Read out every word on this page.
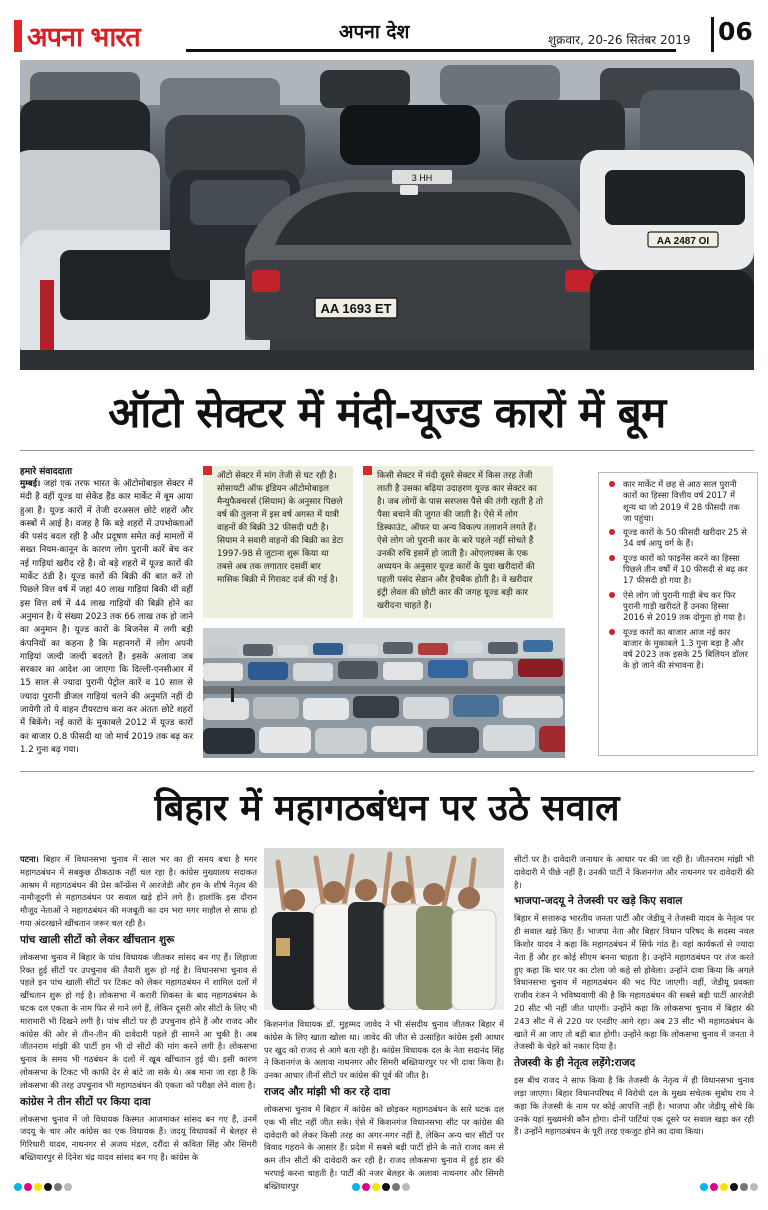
अपना भारत	अपना देश	शुक्रवार, 20-26 सितंबर 2019 06
AA 1693 ET
AA 2487 OI
3 HH
ऑटो सेक्टर में मंदी-यूज्ड कारों में बूम
हमारे संवाददाता
मुम्बई। जहां एक तरफ भारत के ऑटोमोबाइल सेक्टर में मंदी है वहीं यूज्ड या सेकेंड हैंड कार मार्केट में बूम आया हुआ है। यूज्ड कारों में तेजी दरअसल छोटे शहरों और कस्बों में आई है। वजह है कि बड़े शहरों में उपभोक्ताओं की पसंद बदल रही है और प्रदूषण समेत कई मामलों में सख्त नियम-कानून के कारण लोग पुरानी कारें बेच कर नई गाड़ियां खरीद रहे हैं। वो बड़े शहरों में यूज्ड कारों की मार्केट ठंडी है। यूज्ड कारों की बिक्री की बात करें तो पिछले वित्त वर्ष में जहां 40 लाख गाड़ियां बिकी थीं वहीं इस वित्त वर्ष में 44 लाख गाड़ियों की बिक्री होने का अनुमान है। ये संख्या 2023 तक 66 लाख तक हो जाने का अनुमान है। यूज्ड कारों के बिजनेस में लगी बड़ी कंपनियों का कहना है कि महानगरों में लोग अपनी गाड़ियां जल्दी जल्दी बदलते हैं। इसके अलावा जब सरकार का आदेश आ जाएगा कि दिल्ली-एनसीआर में 15 साल से ज्यादा पुरानी पेट्रोल कारें व 10 साल से ज्यादा पुरानी डीजल गाड़ियां चलने की अनुमति नहीं दी जायेगी तो ये वाहन टीयरटाच करा कर अंततः छोटे शहरों में बिकेंगे। नई कारों के मुकाबले 2012 में यूज्ड कारों का बाजार 0.8 फीसदी था जो मार्च 2019 तक बढ़ कर 1.2 गुना बढ़ गया।
ऑटो सेक्टर में मांग तेजी से घट रही है। सोसायटी ऑफ इंडियन ऑटोमोबाइल मैन्युफैक्चरर्स (सियाम) के अनुसार पिछले वर्ष की तुलना में इस वर्ष अगस्त में यात्री वाहनों की बिक्री 32 फीसदी घटी है। सियाम ने सवारी वाहनों की बिक्री का डेटा 1997-98 से जुटाना शुरू किया था तबसे अब तक लगातार दसवीं बार मासिक बिक्री में गिरावट दर्ज की गई है।
किसी सेक्टर में मंदी दूसरे सेक्टर में किस तरह तेजी लाती है उसका बढ़िया उदाहरण यूज्ड कार सेक्टर का है। जब लोगों के पास सरप्लस पैसे की तंगी रहती है तो पैसा बचाने की जुगत की जाती है। ऐसे में लोग डिस्काउंट, ऑफर या अन्य विकल्प तलाशने लगते हैं। ऐसे लोग जो पुरानी कार के बारे पहले नहीं सोचते हैं उनकी रुचि इसमें हो जाती है। ओएलएक्स के एक अध्ययन के अनुसार यूज्ड कारों के युवा खरीदारों की पहली पसंद सेडान और हैचबैक होती है। वे खरीदार इंट्री लेवल की छोटी कार की जगह यूज्ड बड़ी कार खरीदना चाहते हैं।
कार मार्केट में छह से आठ साल पुरानी कारों का हिस्सा वित्तीय वर्ष 2017 में शून्य था जो 2019 में 28 फीसदी तक जा पहुंचा।
यूज्ड कारों के 50 फीसदी खरीदार 25 से 34 वर्ष आयु वर्ग के हैं।
यूज्ड कारों को फाइनेंस करने का हिस्सा पिछले तीन वर्षों में 10 फीसदी से बढ़ कर 17 फीसदी हो गया है।
ऐसे लोग जो पुरानी गाड़ी बेच कर फिर पुरानी गाड़ी खरीदते हैं उनका हिस्सा 2016 से 2019 तक दोगुना हो गया है।
यूज्ड कारों का बाजार आज नई कार बाजार के मुकाबले 1.3 गुना बड़ा है और वर्ष 2023 तक इसके 25 बिलियन डॉलर के हो जाने की संभावना है।
बिहार में महागठबंधन पर उठे सवाल

पटना। बिहार में विधानसभा चुनाव में साल भर का ही समय बचा है मगर महागठबंधन में सबकुछ ठीकठाक नहीं चल रहा है। कांग्रेस मुख्यालय सदाकत आश्रम में महागठबंधन की प्रेस कॉन्फ्रेंस में आरजेडी और हम के शीर्ष नेतृत्व की नामौजूदगी से महागठबंधन पर सवाल खड़े होने लगे हैं। हालांकि इस दौरान मौजूद नेताओं ने महागठबंधन की मजबूती का दम भरा मगर माहौल से साफ हो गया अंदरखाने खींचतान जरूर चल रही है।

पांच खाली सीटों को लेकर खींचतान शुरू

लोकसभा चुनाव में बिहार के पांच विधायक जीतकर सांसद बन गए हैं। लिहाजा रिक्त हुई सीटों पर उपचुनाव की तैयारी शुरू हो गई है। विधानसभा चुनाव से पहले इन पांच खाली सीटों पर टिकट को लेकर महागठबंधन में शामिल दलों में खींचतान शुरू हो गई है। लोकसभा में करारी शिकस्त के बाद महागठबंधन के घटक दल एकता के नाम फिर से गाने लगे हैं, लेकिन दूसरी ओर सीटों के लिए भी मारामारी भी दिखने लगी है। पांच सीटों पर ही उपचुनाव होने हैं और राजद और कांग्रेस की ओर से तीन-तीन की दावेदारी पहले ही सामने आ चुकी है। अब जीतनराम मांझी की पार्टी हम भी दो सीटों की मांग करने लगी है। लोकसभा चुनाव के समय भी गठबंधन के दलों में खूब खींचतान हुई थी। इसी कारण लोकसभा के टिकट भी काफी देर से बांटे जा सके थे। अब माना जा रहा है कि लोकसभा की तरह उपचुनाव भी महागठबंधन की एकता को परीक्षा लेने वाला है।

कांग्रेस ने तीन सीटों पर किया दावा

लोकसभा चुनाव में जो विधायक किस्मत आजमाकर सांसद बन गए हैं, उनमें जदयू के चार और कांग्रेस का एक विधायक हैं। जदयू विधायकों में बेलहर से गिरिधारी यादव, नाथनगर से अजय मंडल, दरौंदा से कविता सिंह और सिमरी बख्तियारपुर से दिनेश चंद्र यादव सांसद बन गए हैं। कांग्रेस के

किशनगंज विधायक डॉ. मुहम्मद जावेद ने भी संसदीय चुनाव जीतकर बिहार में कांग्रेस के लिए खाता खोला था। जावेद की जीत से उत्साहित कांग्रेस इसी आधार पर खुद को राजद से आगे बता रही है। कांग्रेस विधायक दल के नेता सदानंद सिंह ने किशनगंज के अलावा नाथनगर और सिमरी बख्तियारपुर पर भी दावा किया है। उनका आधार तीनों सीटों पर कांग्रेस की पूर्व की जीत है।

राजद और मांझी भी कर रहे दावा

लोकसभा चुनाव में बिहार में कांग्रेस को छोड़कर महागठबंधन के सारे घटक दल एक भी सीट नहीं जीत सके। ऐसे में किशनगंज विधानसभा सीट पर कांग्रेस की दावेदारी को लेकर किसी तरह का अगर-मगर नहीं है, लेकिन अन्य चार सीटों पर विवाद गहराने के आसार हैं। प्रदेश में सबसे बड़ी पार्टी होने के नाते राजद कम से कम तीन सीटों की दावेदारी कर रही है। राजद लोकसभा चुनाव में हुई हार की भरपाई करना चाहती है। पार्टी की नजर बेलहर के अलावा नाथनगर और सिमरी बख्तियारपुर

सीटों पर है। दावेदारी जनाधार के आधार पर की जा रही है। जीतनराम मांझी भी दावेदारी में पीछे नहीं हैं। उनकी पार्टी ने किशनगंज और नाथनगर पर दावेदारी की है।

भाजपा-जदयू ने तेजस्वी पर खड़े किए सवाल

बिहार में सत्तारूढ़ भारतीय जनता पार्टी और जेडीयू ने तेजस्वी यादव के नेतृत्व पर ही सवाल खड़े किए हैं। भाजपा नेता और बिहार विधान परिषद के सदस्य नवल किशोर यादव ने कहा कि महागठबंधन में सिर्फ गांठ है। यहां कार्यकर्ता से ज्यादा नेता हैं और हर कोई सीएम बनना चाहता है। उन्होंने महागठबंधन पर तंज करते हुए कहा कि चार पर का टोला जो कहे सो होवेला। उन्होंने दावा किया कि अगले विधानसभा चुनाव में महागठबंधन की भद पिट जाएगी। वहीं, जेडीयू प्रवक्ता राजीव रंजन ने भविष्यवाणी की है कि महागठबंधन की सबसे बड़ी पार्टी आरजेडी 20 सीट भी नहीं जीत पाएगी। उन्होंने कहा कि लोकसभा चुनाव में बिहार की 243 सीट में से 220 पर एनडीए आगे रहा। अब 23 सीट भी महागठबंधन के खाते में आ जाए तो बड़ी बात होगी। उन्होंने कहा कि लोकसभा चुनाव में जनता ने तेजस्वी के चेहरे को नकार दिया है।

तेजस्वी के ही नेतृत्व लड़ेंगे:राजद

इस बीच राजद ने साफ किया है कि तेजस्वी के नेतृत्व में ही विधानसभा चुनाव लड़ा जाएगा। बिहार विधानपरिषद में विरोधी दल के मुख्य सचेतक सुबोध राय ने कहा कि तेजस्वी के नाम पर कोई आपत्ति नहीं है। भाजपा और जेडीयू सोचे कि उनके यहां मुख्यमंत्री कौन होगा। दोनों पार्टियां एक दूसरे पर सवाल खड़ा कर रही हैं। उन्होंने महागठबंधन के पूरी तरह एकजुट होने का दावा किया।
